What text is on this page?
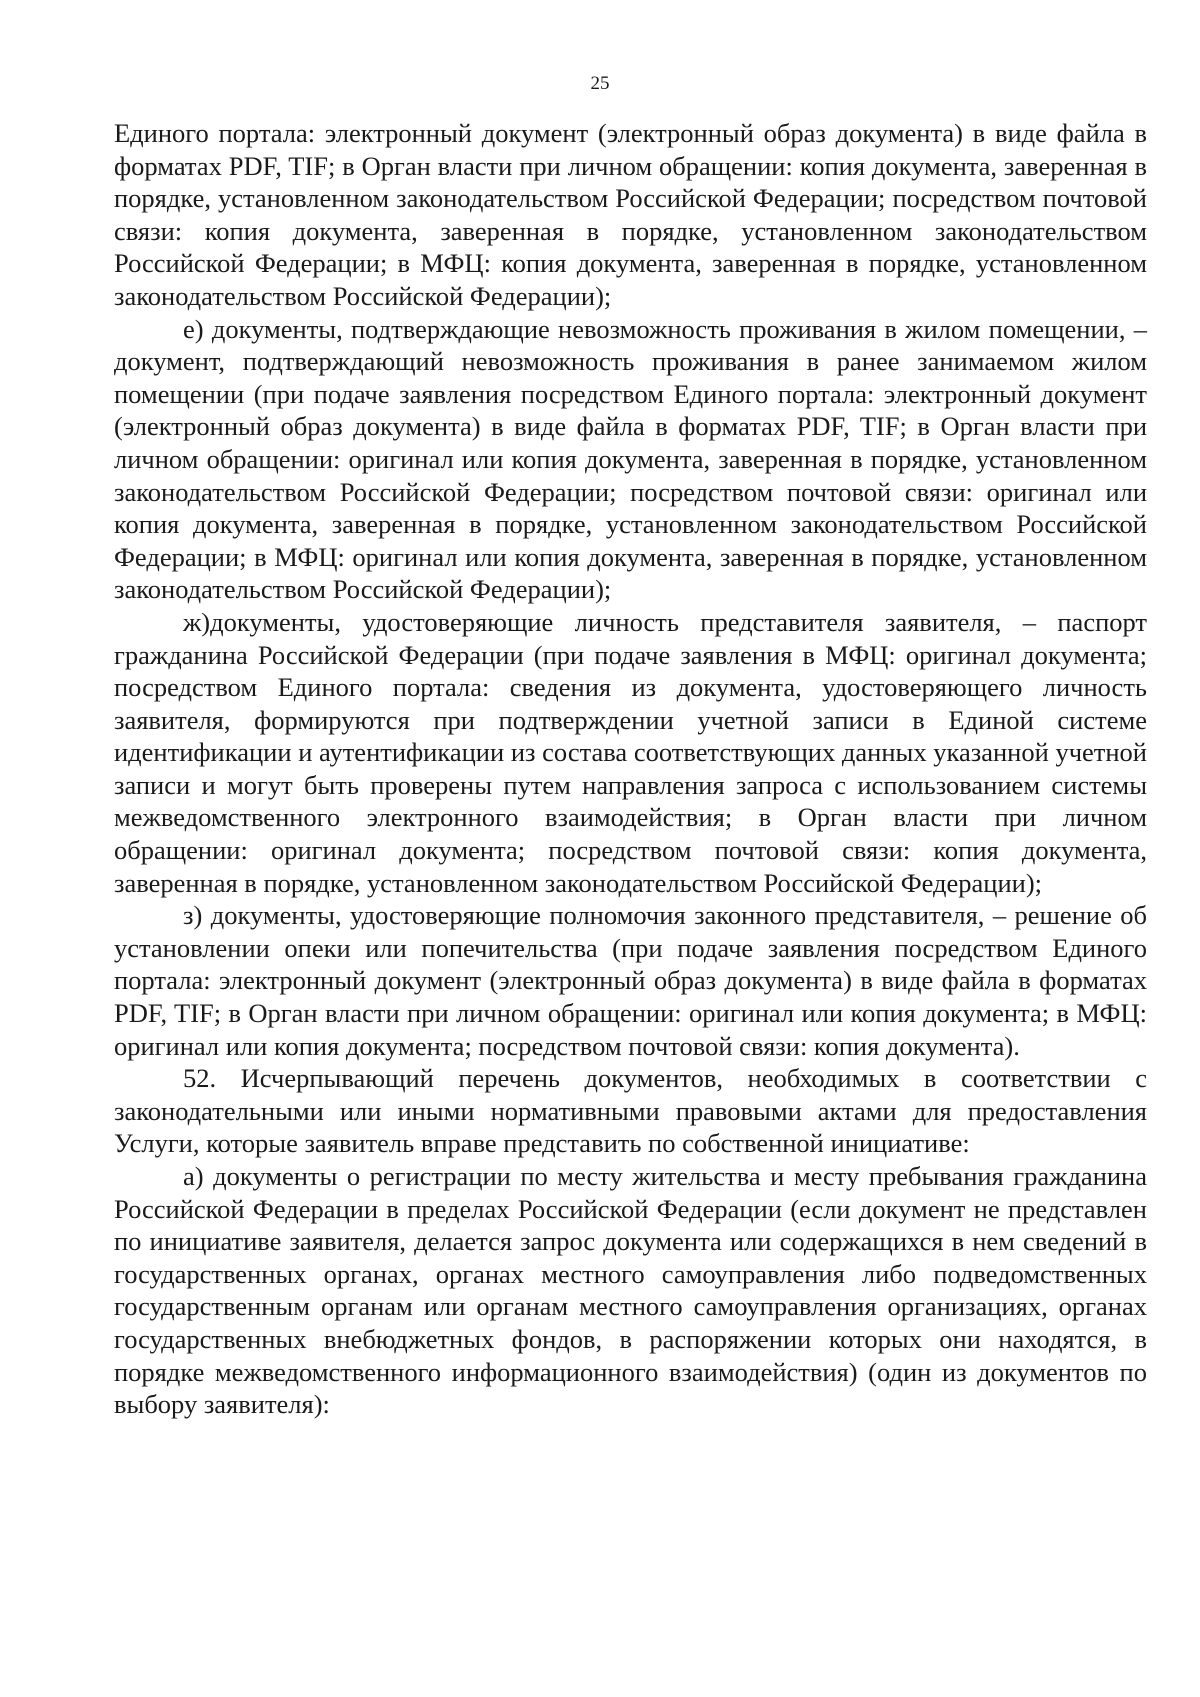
25

Единого портала: электронный документ (электронный образ документа) в виде файла в форматах PDF, TIF; в Орган власти при личном обращении: копия документа, заверенная в порядке, установленном законодательством Российской Федерации; посредством почтовой связи: копия документа, заверенная в порядке, установленном законодательством Российской Федерации; в МФЦ: копия документа, заверенная в порядке, установленном законодательством Российской Федерации);

е) документы, подтверждающие невозможность проживания в жилом помещении, – документ, подтверждающий невозможность проживания в ранее занимаемом жилом помещении (при подаче заявления посредством Единого портала: электронный документ (электронный образ документа) в виде файла в форматах PDF, TIF; в Орган власти при личном обращении: оригинал или копия документа, заверенная в порядке, установленном законодательством Российской Федерации; посредством почтовой связи: оригинал или копия документа, заверенная в порядке, установленном законодательством Российской Федерации; в МФЦ: оригинал или копия документа, заверенная в порядке, установленном законодательством Российской Федерации);

ж)документы, удостоверяющие личность представителя заявителя, – паспорт гражданина Российской Федерации (при подаче заявления в МФЦ: оригинал документа; посредством Единого портала: сведения из документа, удостоверяющего личность заявителя, формируются при подтверждении учетной записи в Единой системе идентификации и аутентификации из состава соответствующих данных указанной учетной записи и могут быть проверены путем направления запроса с использованием системы межведомственного электронного взаимодействия; в Орган власти при личном обращении: оригинал документа; посредством почтовой связи: копия документа, заверенная в порядке, установленном законодательством Российской Федерации);

з) документы, удостоверяющие полномочия законного представителя, – решение об установлении опеки или попечительства (при подаче заявления посредством Единого портала: электронный документ (электронный образ документа) в виде файла в форматах PDF, TIF; в Орган власти при личном обращении: оригинал или копия документа; в МФЦ: оригинал или копия документа; посредством почтовой связи: копия документа).

52. Исчерпывающий перечень документов, необходимых в соответствии с законодательными или иными нормативными правовыми актами для предоставления Услуги, которые заявитель вправе представить по собственной инициативе:

а) документы о регистрации по месту жительства и месту пребывания гражданина Российской Федерации в пределах Российской Федерации (если документ не представлен по инициативе заявителя, делается запрос документа или содержащихся в нем сведений в государственных органах, органах местного самоуправления либо подведомственных государственным органам или органам местного самоуправления организациях, органах государственных внебюджетных фондов, в распоряжении которых они находятся, в порядке межведомственного информационного взаимодействия) (один из документов по выбору заявителя):
